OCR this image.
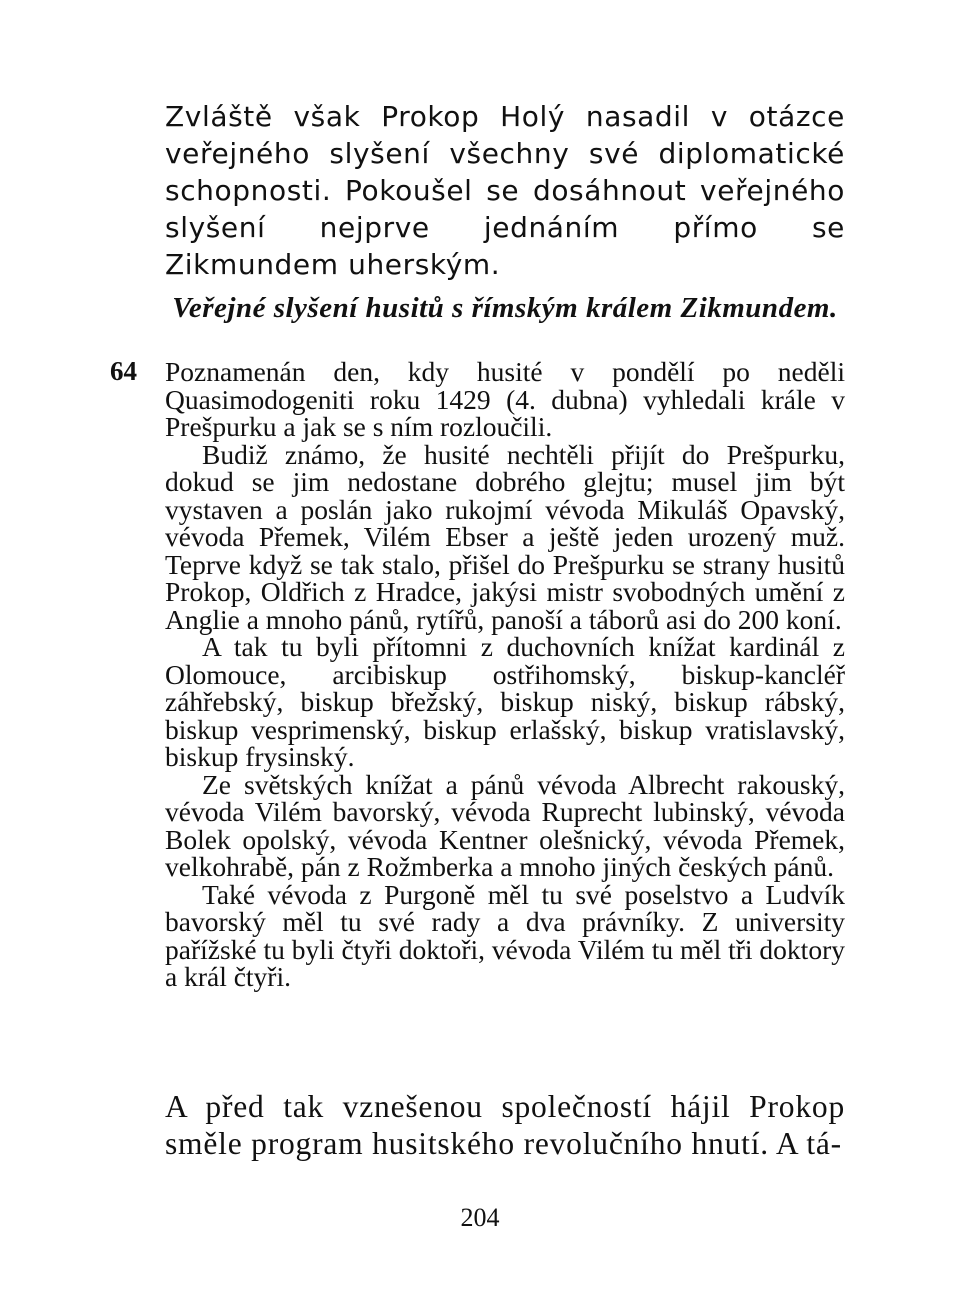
Zvláště však Prokop Holý nasadil v otázce veřejného slyšení všechny své diplomatické schopnosti. Pokoušel se dosáhnout veřejného slyšení nejprve jednáním přímo se Zikmundem uherským.

Veřejné slyšení husitů s římským králem Zikmundem.
64 Poznamenán den, kdy husité v pondělí po neděli Quasimodogeniti roku 1429 (4. dubna) vyhledali krále v Prešpurku a jak se s ním rozloučili.

Budiž známo, že husité nechtěli přijít do Prešpurku, dokud se jim nedostane dobrého glejtu; musel jim být vystaven a poslán jako rukojmí vévoda Mikuláš Opavský, vévoda Přemek, Vilém Ebser a ještě jeden urozený muž. Teprve když se tak stalo, přišel do Prešpurku se strany husitů Prokop, Oldřich z Hradce, jakýsi mistr svobodných umění z Anglie a mnoho pánů, rytířů, panoší a táborů asi do 200 koní.

A tak tu byli přítomni z duchovních knížat kardinál z Olomouce, arcibiskup ostřihomský, biskup-kancléř záhřebský, biskup břežský, biskup niský, biskup rábský, biskup vesprimenský, biskup erlašský, biskup vratislavský, biskup frysinský.

Ze světských knížat a pánů vévoda Albrecht rakouský, vévoda Vilém bavorský, vévoda Ruprecht lubinský, vévoda Bolek opolský, vévoda Kentner olešnický, vévoda Přemek, velkohrabě, pán z Rožmberka a mnoho jiných českých pánů.

Také vévoda z Purgoně měl tu své poselstvo a Ludvík bavorský měl tu své rady a dva právníky. Z university pařížské tu byli čtyři doktoři, vévoda Vilém tu měl tři doktory a král čtyři.

A před tak vznešenou společností hájil Prokop směle program husitského revolučního hnutí. A tá-

204
